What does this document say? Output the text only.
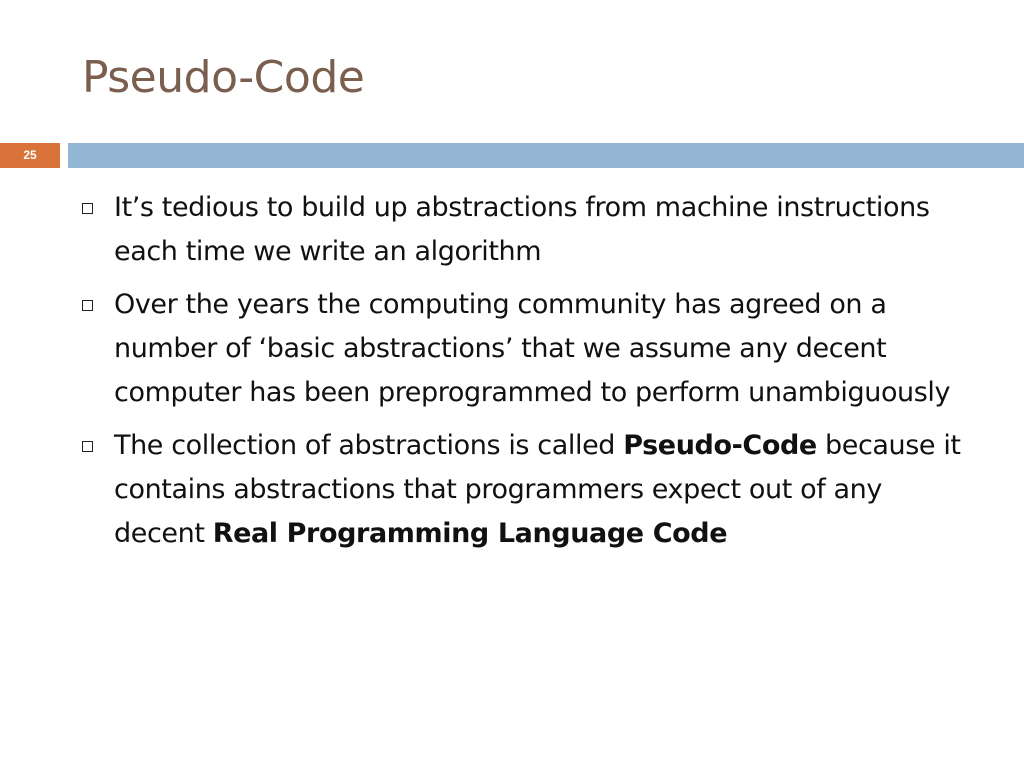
Pseudo-Code
25
It’s tedious to build up abstractions from machine instructions each time we write an algorithm
Over the years the computing community has agreed on a number of ‘basic abstractions’ that we assume any decent computer has been preprogrammed to perform unambiguously
The collection of abstractions is called Pseudo-Code because it contains abstractions that programmers expect out of any decent Real Programming Language Code
